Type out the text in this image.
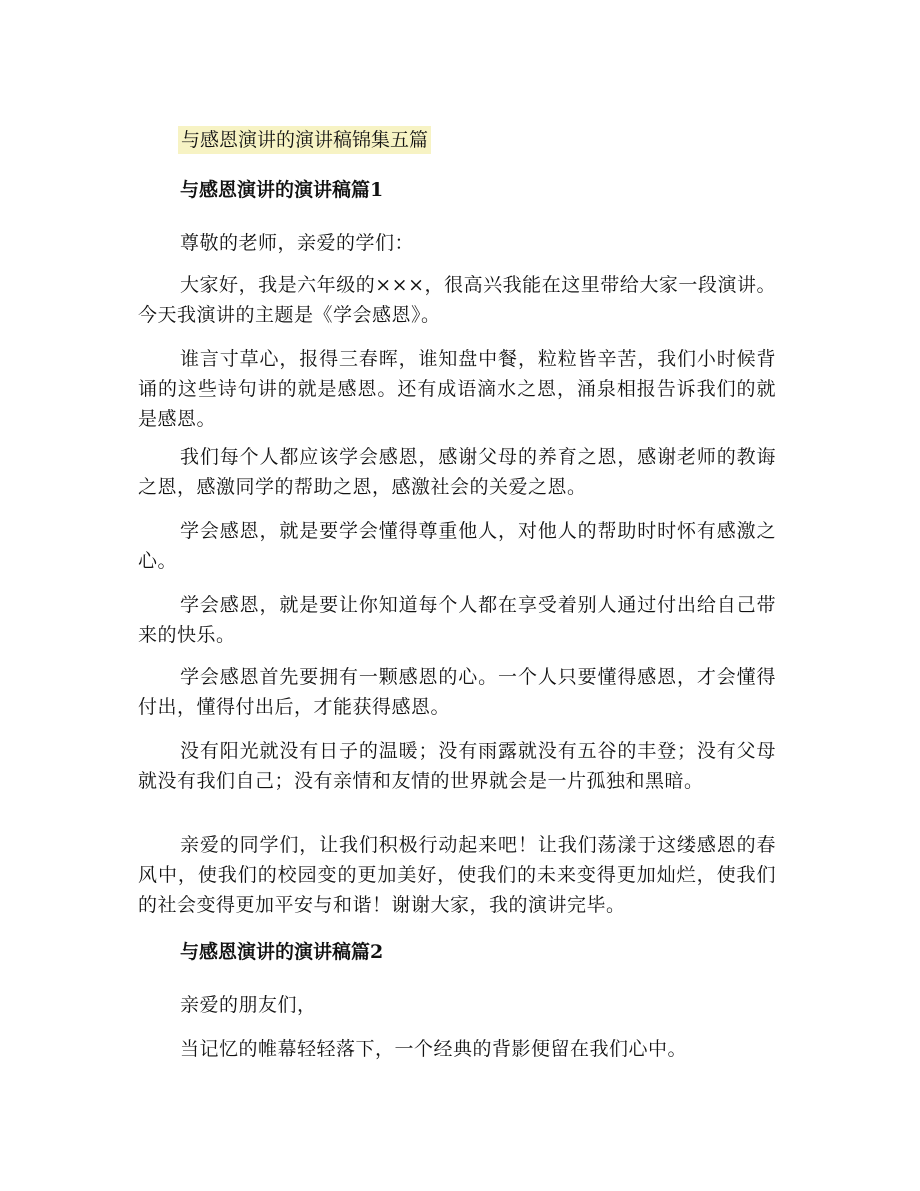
与感恩演讲的演讲稿锦集五篇
与感恩演讲的演讲稿篇1

尊敬的老师，亲爱的学们：

大家好，我是六年级的×××，很高兴我能在这里带给大家一段演讲。今天我演讲的主题是《学会感恩》。

谁言寸草心，报得三春晖，谁知盘中餐，粒粒皆辛苦，我们小时候背诵的这些诗句讲的就是感恩。还有成语滴水之恩，涌泉相报告诉我们的就是感恩。

我们每个人都应该学会感恩，感谢父母的养育之恩，感谢老师的教诲之恩，感激同学的帮助之恩，感激社会的关爱之恩。

学会感恩，就是要学会懂得尊重他人，对他人的帮助时时怀有感激之心。

学会感恩，就是要让你知道每个人都在享受着别人通过付出给自己带来的快乐。

学会感恩首先要拥有一颗感恩的心。一个人只要懂得感恩，才会懂得付出，懂得付出后，才能获得感恩。

没有阳光就没有日子的温暖；没有雨露就没有五谷的丰登；没有父母就没有我们自己；没有亲情和友情的世界就会是一片孤独和黑暗。

亲爱的同学们，让我们积极行动起来吧！让我们荡漾于这缕感恩的春风中，使我们的校园变的更加美好，使我们的未来变得更加灿烂，使我们的社会变得更加平安与和谐！谢谢大家，我的演讲完毕。

与感恩演讲的演讲稿篇2

亲爱的朋友们，

当记忆的帷幕轻轻落下，一个经典的背影便留在我们心中。
